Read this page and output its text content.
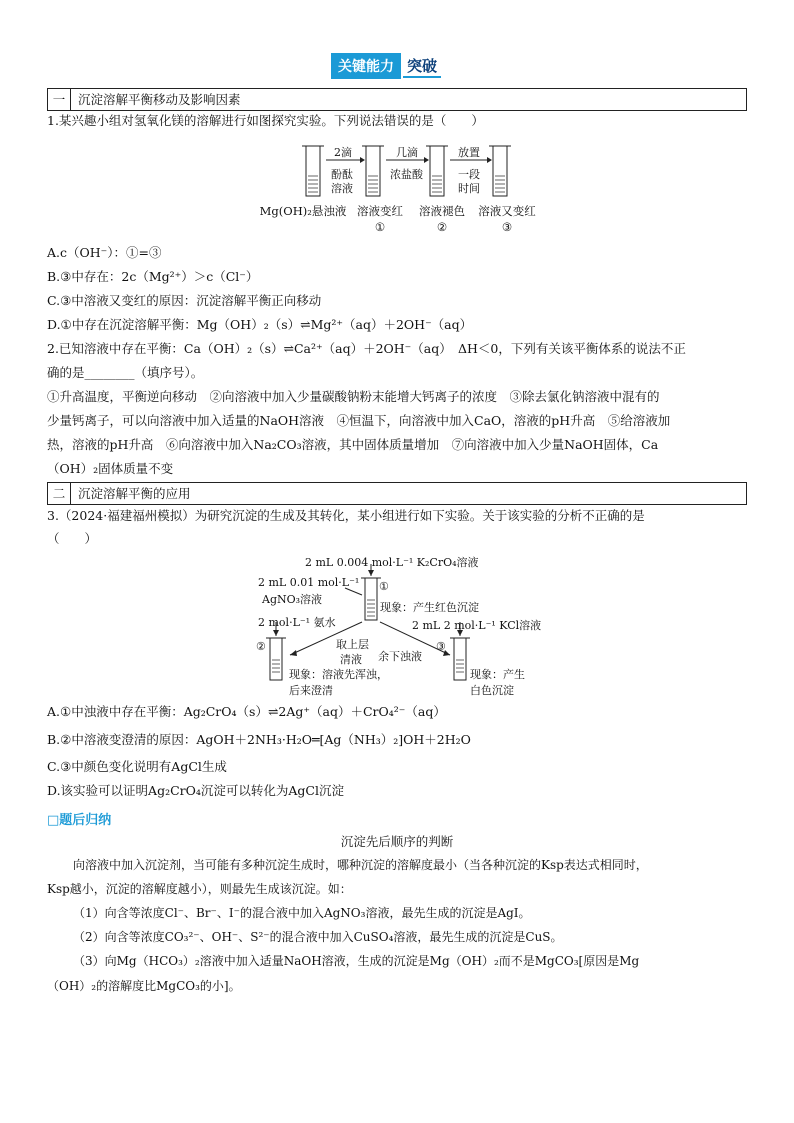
关键能力 突破
一	沉淀溶解平衡移动及影响因素
1.某兴趣小组对氢氧化镁的溶解进行如图探究实验。下列说法错误的是（　　）
2滴
酚酞
溶液
几滴
浓盐酸
放置
一段
时间
Mg(OH)₂悬浊液 溶液变红	溶液褪色	溶液又变红
①	②	③
A.c（OH⁻）：①=③
B.③中存在：2c（Mg²⁺）＞c（Cl⁻）
C.③中溶液又变红的原因：沉淀溶解平衡正向移动
D.①中存在沉淀溶解平衡：Mg（OH）₂（s）⇌Mg²⁺（aq）＋2OH⁻（aq）
2.已知溶液中存在平衡：Ca（OH）₂（s）⇌Ca²⁺（aq）＋2OH⁻（aq）　ΔH＜0，下列有关该平衡体系的说法不正
确的是________（填序号）。
①升高温度，平衡逆向移动　②向溶液中加入少量碳酸钠粉末能增大钙离子的浓度　③除去氯化钠溶液中混有的
少量钙离子，可以向溶液中加入适量的NaOH溶液　④恒温下，向溶液中加入CaO，溶液的pH升高　⑤给溶液加
热，溶液的pH升高　⑥向溶液中加入Na₂CO₃溶液，其中固体质量增加　⑦向溶液中加入少量NaOH固体，Ca
（OH）₂固体质量不变
二	沉淀溶解平衡的应用
3.（2024·福建福州模拟）为研究沉淀的生成及其转化，某小组进行如下实验。关于该实验的分析不正确的是
（　　）
2 mL 0.004 mol·L⁻¹ K₂CrO₄溶液
2 mL 0.01 mol·L⁻¹
AgNO₃溶液
①
现象：产生红色沉淀
2 mol·L⁻¹ 氨水	2 mL 2 mol·L⁻¹ KCl溶液
②	③
取上层
清液 余下浊液
现象：溶液先浑浊，
后来澄清
现象：产生
白色沉淀
A.①中浊液中存在平衡：Ag₂CrO₄（s）⇌2Ag⁺（aq）＋CrO₄²⁻（aq）
B.②中溶液变澄清的原因：AgOH＋2NH₃·H₂O═[Ag（NH₃）₂]OH＋2H₂O
C.③中颜色变化说明有AgCl生成
D.该实验可以证明Ag₂CrO₄沉淀可以转化为AgCl沉淀
□题后归纳
沉淀先后顺序的判断
向溶液中加入沉淀剂，当可能有多种沉淀生成时，哪种沉淀的溶解度最小（当各种沉淀的Ksp表达式相同时，
Ksp越小，沉淀的溶解度越小），则最先生成该沉淀。如：
（1）向含等浓度Cl⁻、Br⁻、I⁻的混合液中加入AgNO₃溶液，最先生成的沉淀是AgI。
（2）向含等浓度CO₃²⁻、OH⁻、S²⁻的混合液中加入CuSO₄溶液，最先生成的沉淀是CuS。
（3）向Mg（HCO₃）₂溶液中加入适量NaOH溶液，生成的沉淀是Mg（OH）₂而不是MgCO₃[原因是Mg
（OH）₂的溶解度比MgCO₃的小]。
